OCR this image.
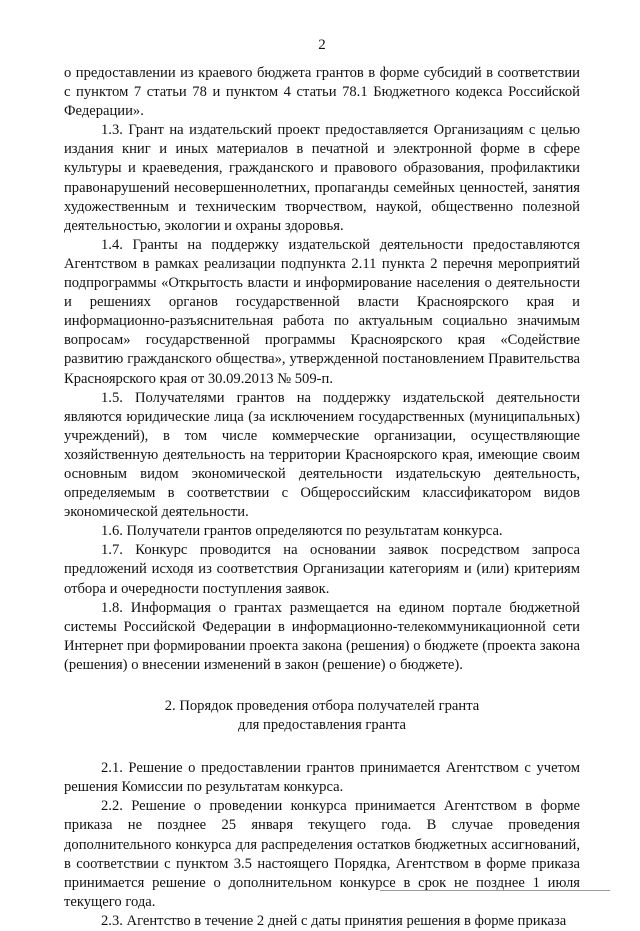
2

о предоставлении из краевого бюджета грантов в форме субсидий в соответствии с пунктом 7 статьи 78 и пунктом 4 статьи 78.1 Бюджетного кодекса Российской Федерации».

1.3. Грант на издательский проект предоставляется Организациям с целью издания книг и иных материалов в печатной и электронной форме в сфере культуры и краеведения, гражданского и правового образования, профилактики правонарушений несовершеннолетних, пропаганды семейных ценностей, занятия художественным и техническим творчеством, наукой, общественно полезной деятельностью, экологии и охраны здоровья.

1.4. Гранты на поддержку издательской деятельности предоставляются Агентством в рамках реализации подпункта 2.11 пункта 2 перечня мероприятий подпрограммы «Открытость власти и информирование населения о деятельности и решениях органов государственной власти Красноярского края и информационно-разъяснительная работа по актуальным социально значимым вопросам» государственной программы Красноярского края «Содействие развитию гражданского общества», утвержденной постановлением Правительства Красноярского края от 30.09.2013 № 509-п.

1.5. Получателями грантов на поддержку издательской деятельности являются юридические лица (за исключением государственных (муниципальных) учреждений), в том числе коммерческие организации, осуществляющие хозяйственную деятельность на территории Красноярского края, имеющие своим основным видом экономической деятельности издательскую деятельность, определяемым в соответствии с Общероссийским классификатором видов экономической деятельности.

1.6. Получатели грантов определяются по результатам конкурса.

1.7. Конкурс проводится на основании заявок посредством запроса предложений исходя из соответствия Организации категориям и (или) критериям отбора и очередности поступления заявок.

1.8. Информация о грантах размещается на едином портале бюджетной системы Российской Федерации в информационно-телекоммуникационной сети Интернет при формировании проекта закона (решения) о бюджете (проекта закона (решения) о внесении изменений в закон (решение) о бюджете).

2. Порядок проведения отбора получателей гранта
для предоставления гранта

2.1. Решение о предоставлении грантов принимается Агентством с учетом решения Комиссии по результатам конкурса.

2.2. Решение о проведении конкурса принимается Агентством в форме приказа не позднее 25 января текущего года. В случае проведения дополнительного конкурса для распределения остатков бюджетных ассигнований, в соответствии с пунктом 3.5 настоящего Порядка, Агентством в форме приказа принимается решение о дополнительном конкурсе в срок не позднее 1 июля текущего года.

2.3. Агентство в течение 2 дней с даты принятия решения в форме приказа
